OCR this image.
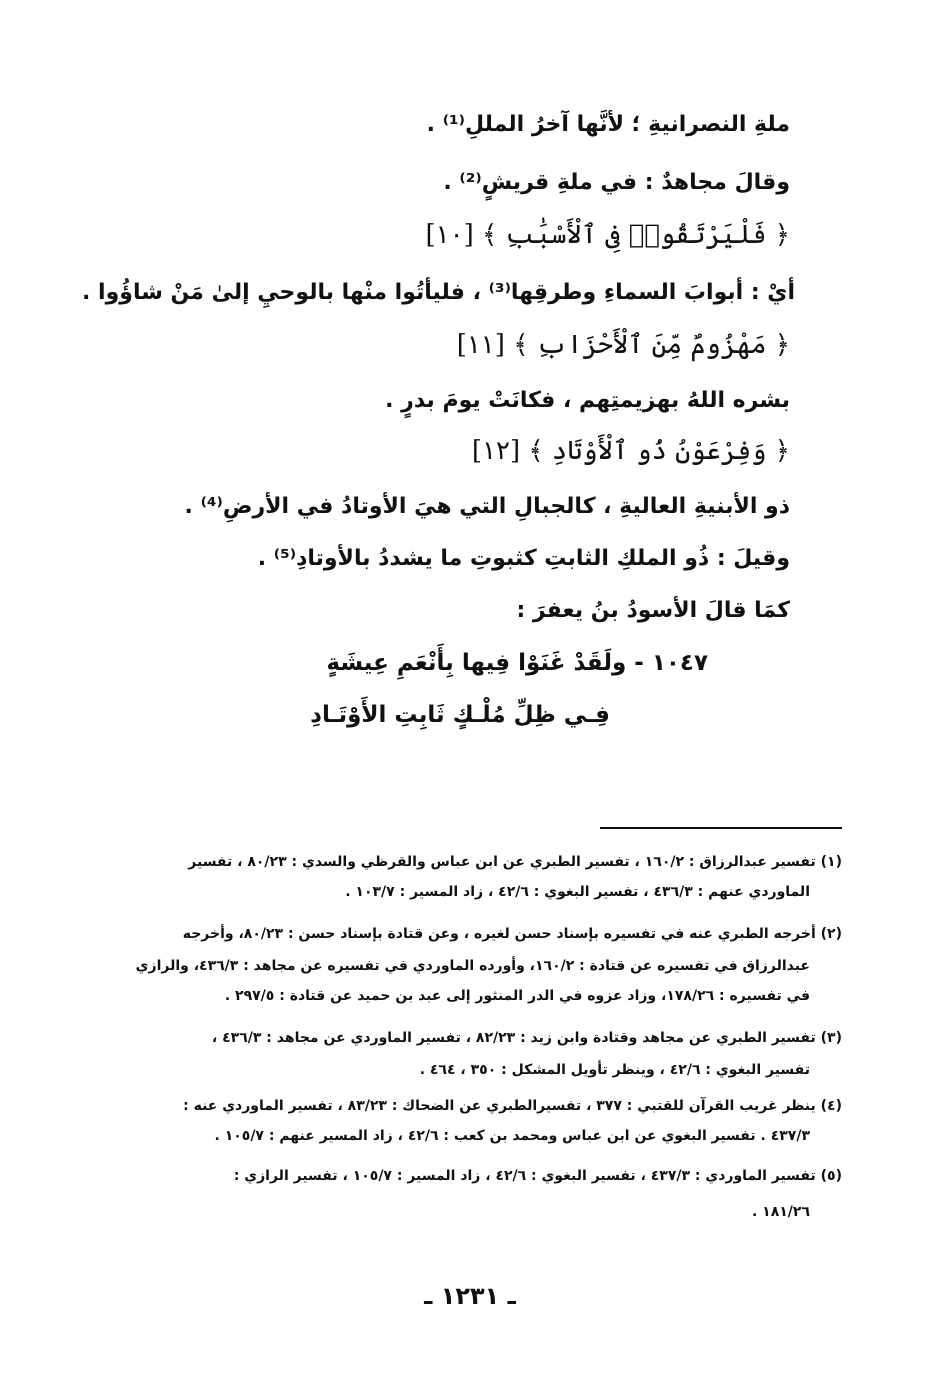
ملةِ النصرانيةِ ؛ لأنَّها آخرُ المللِ⁽¹⁾ .
وقالَ مجاهدٌ : في ملةِ قريشٍ⁽²⁾ .
﴿ فَلْيَرْتَقُوا۟ فِى ٱلْأَسْبَٰبِ ﴾ [١٠]
أيْ : أبوابَ السماءِ وطرقِها⁽³⁾ ، فليأتُوا منْها بالوحيِ إلىٰ مَنْ شاؤُوا .
﴿ مَهْزُومٌ مِّنَ ٱلْأَحْزَابِ ﴾ [١١]
بشره اللهُ بهزيمتِهم ، فكانَتْ يومَ بدرٍ .
﴿ وَفِرْعَوْنُ ذُو ٱلْأَوْتَادِ ﴾ [١٢]
ذو الأبنيةِ العاليةِ ، كالجبالِ التي هيَ الأوتادُ في الأرضِ⁽⁴⁾ .
وقيلَ : ذُو الملكِ الثابتِ كثبوتِ ما يشددُ بالأوتادِ⁽⁵⁾ .
كمَا قالَ الأسودُ بنُ يعفرَ :
١٠٤٧ - ولَقَدْ غَنَوْا فِيها بِأَنْعَمِ عِيشَةٍ
فِـي ظِلِّ مُلْـكٍ ثَابِتِ الأَوْتَـادِ
(١) تفسير عبدالرزاق : ١٦٠/٢ ، تفسير الطبري عن ابن عباس والقرظي والسدي : ٨٠/٢٣ ، تفسير
الماوردي عنهم : ٤٣٦/٣ ، تفسير البغوي : ٤٢/٦ ، زاد المسير : ١٠٣/٧ .
(٢) أخرجه الطبري عنه في تفسيره بإسناد حسن لغيره ، وعن قتادة بإسناد حسن : ٨٠/٢٣، وأخرجه
عبدالرزاق في تفسيره عن قتادة : ١٦٠/٢، وأورده الماوردي في تفسيره عن مجاهد : ٤٣٦/٣، والرازي
في تفسيره : ١٧٨/٢٦، وزاد عزوه في الدر المنثور إلى عبد بن حميد عن قتادة : ٢٩٧/٥ .
(٣) تفسير الطبري عن مجاهد وقتادة وابن زيد : ٨٢/٢٣ ، تفسير الماوردي عن مجاهد : ٤٣٦/٣ ،
تفسير البغوي : ٤٢/٦ ، وينظر تأويل المشكل : ٣٥٠ ، ٤٦٤ .
(٤) ينظر غريب القرآن للقتبي : ٣٧٧ ، تفسيرالطبري عن الضحاك : ٨٣/٢٣ ، تفسير الماوردي عنه :
٤٣٧/٣ . تفسير البغوي عن ابن عباس ومحمد بن كعب : ٤٢/٦ ، زاد المسير عنهم : ١٠٥/٧ .
(٥) تفسير الماوردي : ٤٣٧/٣ ، تفسير البغوي : ٤٢/٦ ، زاد المسير : ١٠٥/٧ ، تفسير الرازي :
١٨١/٢٦ .
ـ ١٢٣١ ـ
